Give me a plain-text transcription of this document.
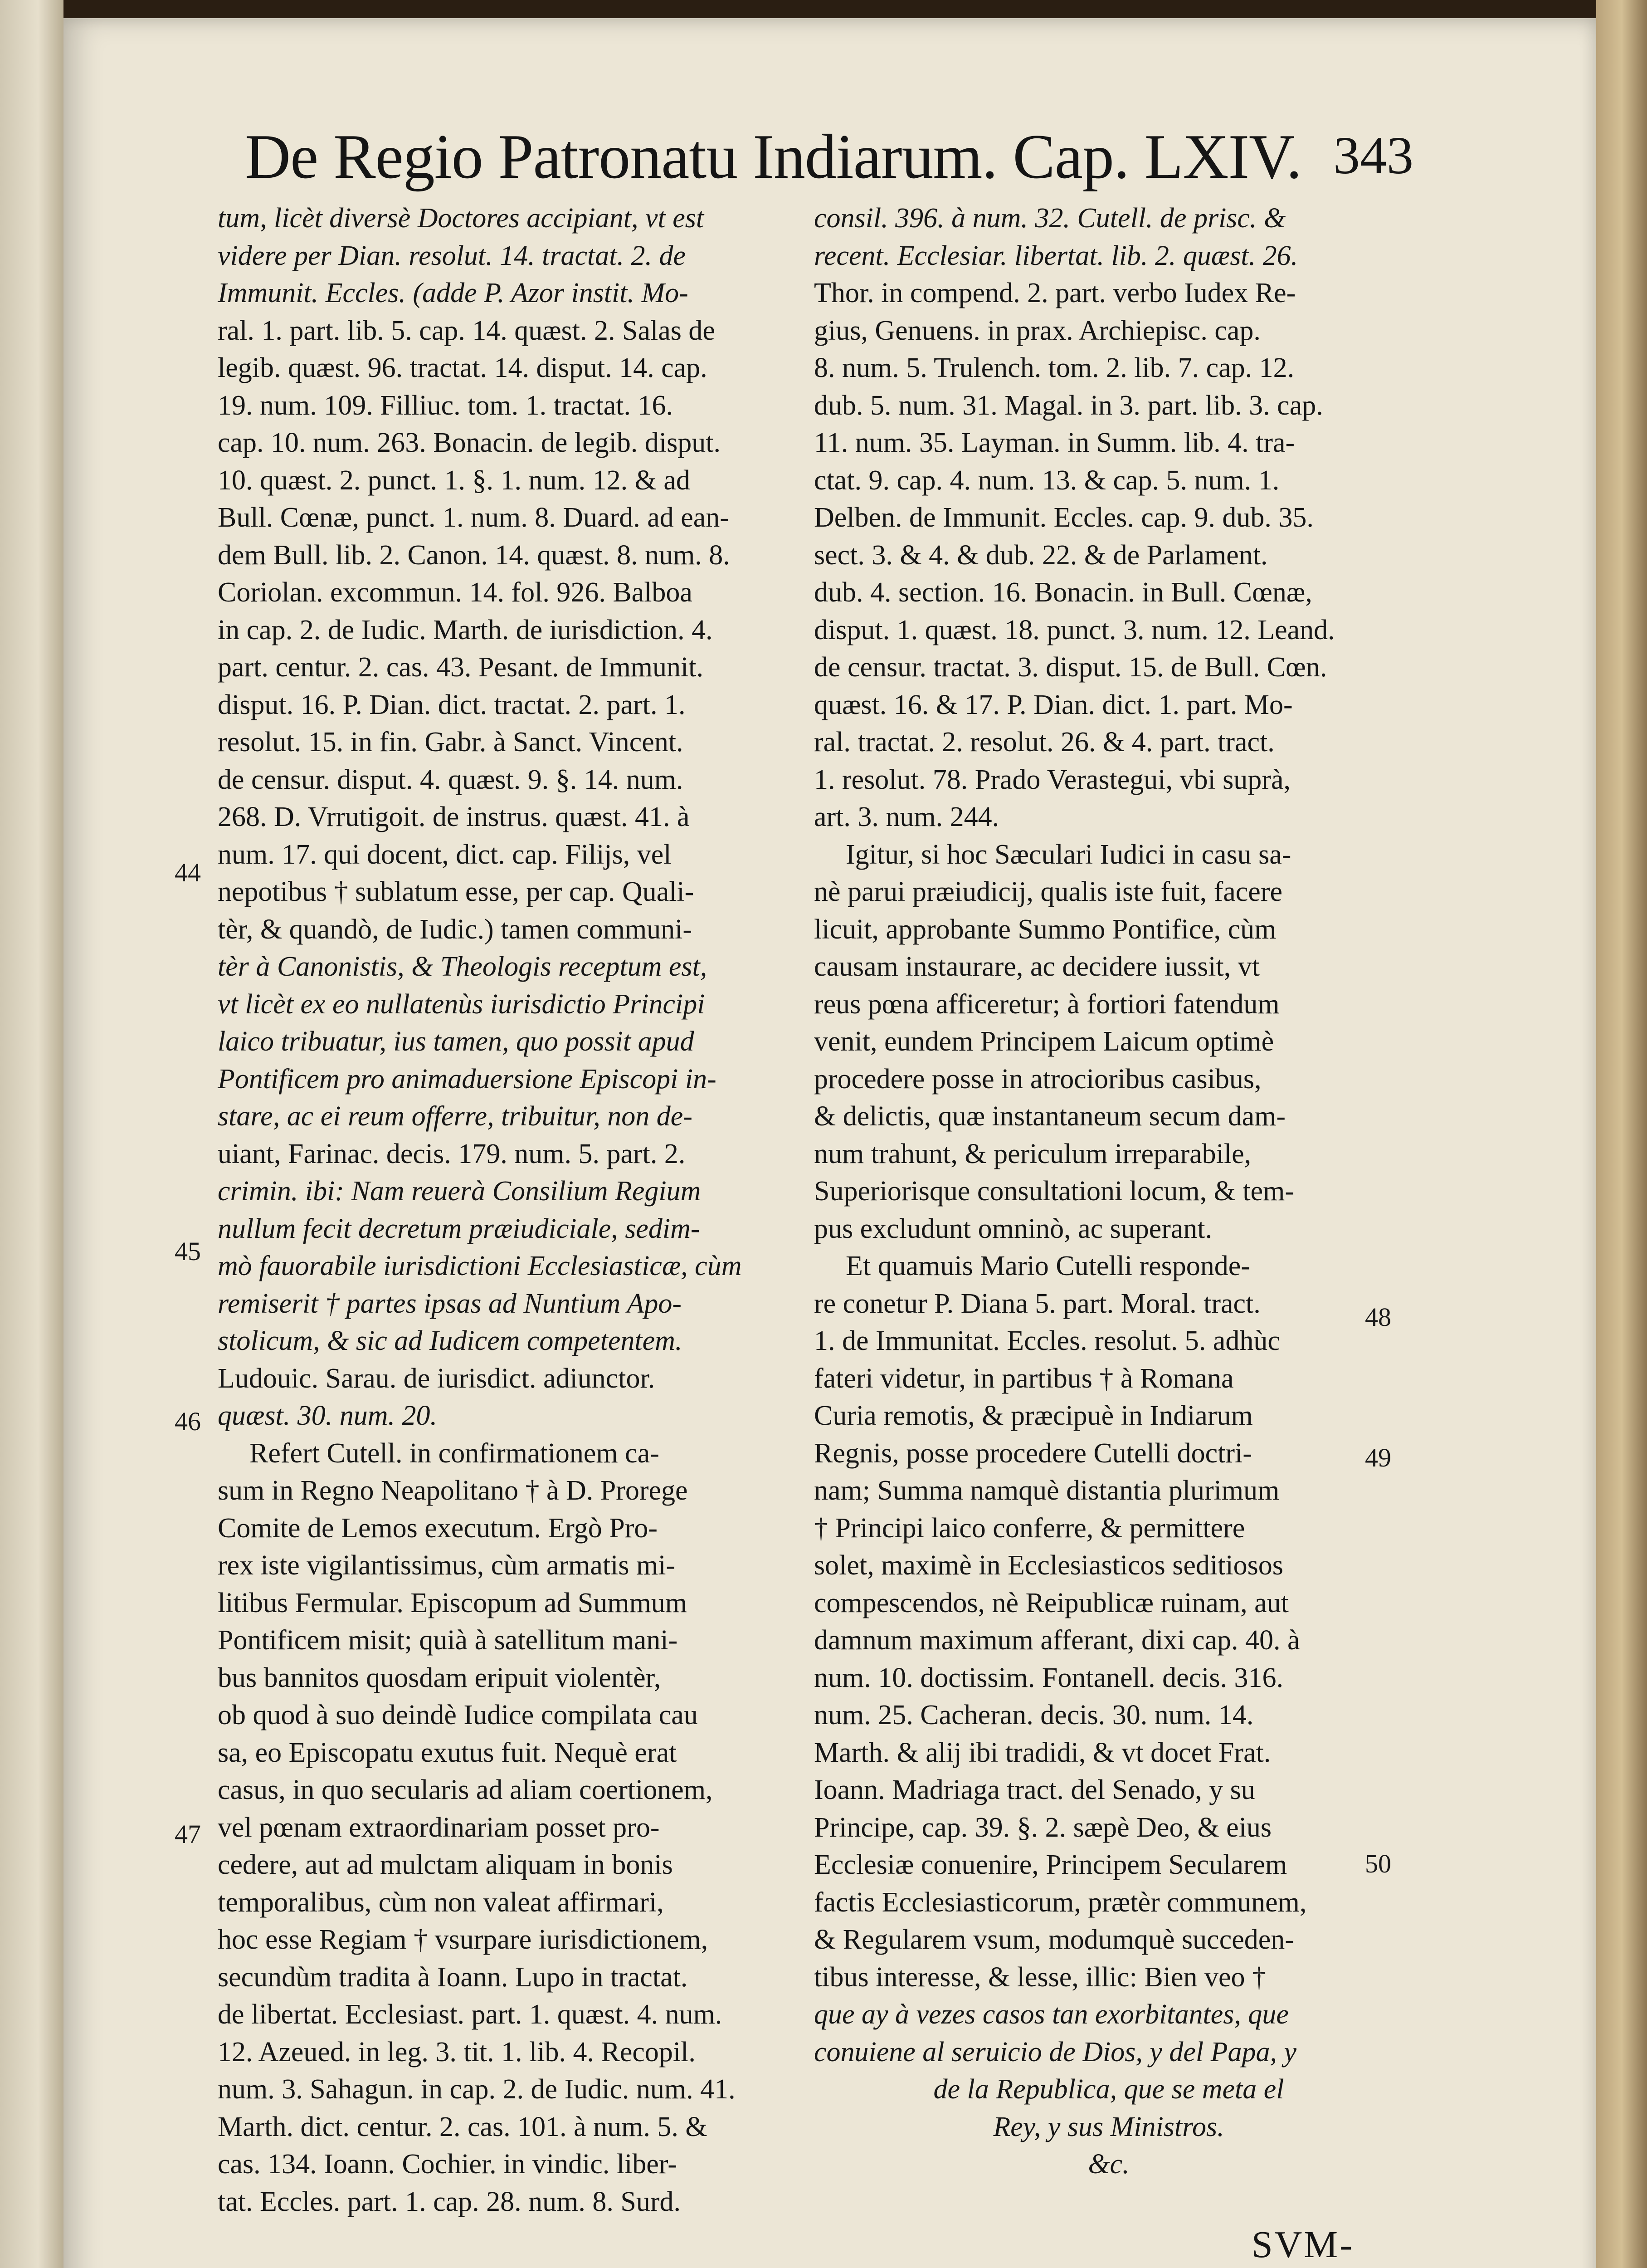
De Regio Patronatu Indiarum. Cap. LXIV. 343
tum, licèt diversè Doctores accipiant, vt est
videre per Dian. resolut. 14. tractat. 2. de
Immunit. Eccles. (adde P. Azor instit. Mo-
ral. 1. part. lib. 5. cap. 14. quæst. 2. Salas de
legib. quæst. 96. tractat. 14. disput. 14. cap.
19. num. 109. Filliuc. tom. 1. tractat. 16.
cap. 10. num. 263. Bonacin. de legib. disput.
10. quæst. 2. punct. 1. §. 1. num. 12. & ad
Bull. Cœnæ, punct. 1. num. 8. Duard. ad ean-
dem Bull. lib. 2. Canon. 14. quæst. 8. num. 8.
Coriolan. excommun. 14. fol. 926. Balboa
in cap. 2. de Iudic. Marth. de iurisdiction. 4.
part. centur. 2. cas. 43. Pesant. de Immunit.
disput. 16. P. Dian. dict. tractat. 2. part. 1.
resolut. 15. in fin. Gabr. à Sanct. Vincent.
de censur. disput. 4. quæst. 9. §. 14. num.
268. D. Vrrutigoit. de instrus. quæst. 41. à
num. 17. qui docent, dict. cap. Filijs, vel
nepotibus † sublatum esse, per cap. Quali-
tèr, & quandò, de Iudic.) tamen communi-
tèr à Canonistis, & Theologis receptum est,
vt licèt ex eo nullatenùs iurisdictio Principi
laico tribuatur, ius tamen, quo possit apud
Pontificem pro animaduersione Episcopi in-
stare, ac ei reum offerre, tribuitur, non de-
uiant, Farinac. decis. 179. num. 5. part. 2.
crimin. ibi: Nam reuerà Consilium Regium
nullum fecit decretum præiudiciale, sedim-
mò fauorabile iurisdictioni Ecclesiasticæ, cùm
remiserit † partes ipsas ad Nuntium Apo-
stolicum, & sic ad Iudicem competentem.
Ludouic. Sarau. de iurisdict. adiunctor.
quæst. 30. num. 20.
Refert Cutell. in confirmationem ca-
sum in Regno Neapolitano † à D. Prorege
Comite de Lemos executum. Ergò Pro-
rex iste vigilantissimus, cùm armatis mi-
litibus Fermular. Episcopum ad Summum
Pontificem misit; quià à satellitum mani-
bus bannitos quosdam eripuit violentèr,
ob quod à suo deindè Iudice compilata cau
sa, eo Episcopatu exutus fuit. Nequè erat
casus, in quo secularis ad aliam coertionem,
vel pœnam extraordinariam posset pro-
cedere, aut ad mulctam aliquam in bonis
temporalibus, cùm non valeat affirmari,
hoc esse Regiam † vsurpare iurisdictionem,
secundùm tradita à Ioann. Lupo in tractat.
de libertat. Ecclesiast. part. 1. quæst. 4. num.
12. Azeued. in leg. 3. tit. 1. lib. 4. Recopil.
num. 3. Sahagun. in cap. 2. de Iudic. num. 41.
Marth. dict. centur. 2. cas. 101. à num. 5. &
cas. 134. Ioann. Cochier. in vindic. liber-
tat. Eccles. part. 1. cap. 28. num. 8. Surd.
consil. 396. à num. 32. Cutell. de prisc. &
recent. Ecclesiar. libertat. lib. 2. quæst. 26.
Thor. in compend. 2. part. verbo Iudex Re-
gius, Genuens. in prax. Archiepisc. cap.
8. num. 5. Trulench. tom. 2. lib. 7. cap. 12.
dub. 5. num. 31. Magal. in 3. part. lib. 3. cap.
11. num. 35. Layman. in Summ. lib. 4. tra-
ctat. 9. cap. 4. num. 13. & cap. 5. num. 1.
Delben. de Immunit. Eccles. cap. 9. dub. 35.
sect. 3. & 4. & dub. 22. & de Parlament.
dub. 4. section. 16. Bonacin. in Bull. Cœnæ,
disput. 1. quæst. 18. punct. 3. num. 12. Leand.
de censur. tractat. 3. disput. 15. de Bull. Cœn.
quæst. 16. & 17. P. Dian. dict. 1. part. Mo-
ral. tractat. 2. resolut. 26. & 4. part. tract.
1. resolut. 78. Prado Verastegui, vbi suprà,
art. 3. num. 244.
Igitur, si hoc Sæculari Iudici in casu sa-
nè parui præiudicij, qualis iste fuit, facere
licuit, approbante Summo Pontifice, cùm
causam instaurare, ac decidere iussit, vt
reus pœna afficeretur; à fortiori fatendum
venit, eundem Principem Laicum optimè
procedere posse in atrocioribus casibus,
& delictis, quæ instantaneum secum dam-
num trahunt, & periculum irreparabile,
Superiorisque consultationi locum, & tem-
pus excludunt omninò, ac superant.
Et quamuis Mario Cutelli responde-
re conetur P. Diana 5. part. Moral. tract.
1. de Immunitat. Eccles. resolut. 5. adhùc
fateri videtur, in partibus † à Romana
Curia remotis, & præcipuè in Indiarum
Regnis, posse procedere Cutelli doctri-
nam; Summa namquè distantia plurimum
† Principi laico conferre, & permittere
solet, maximè in Ecclesiasticos seditiosos
compescendos, nè Reipublicæ ruinam, aut
damnum maximum afferant, dixi cap. 40. à
num. 10. doctissim. Fontanell. decis. 316.
num. 25. Cacheran. decis. 30. num. 14.
Marth. & alij ibi tradidi, & vt docet Frat.
Ioann. Madriaga tract. del Senado, y su
Principe, cap. 39. §. 2. sæpè Deo, & eius
Ecclesiæ conuenire, Principem Secularem
factis Ecclesiasticorum, prætèr communem,
& Regularem vsum, modumquè succeden-
tibus interesse, & lesse, illic: Bien veo †
que ay à vezes casos tan exorbitantes, que
conuiene al seruicio de Dios, y del Papa, y
de la Republica, que se meta el
Rey, y sus Ministros.
&c.
44
45
46
47
48
49
50
SVM-
